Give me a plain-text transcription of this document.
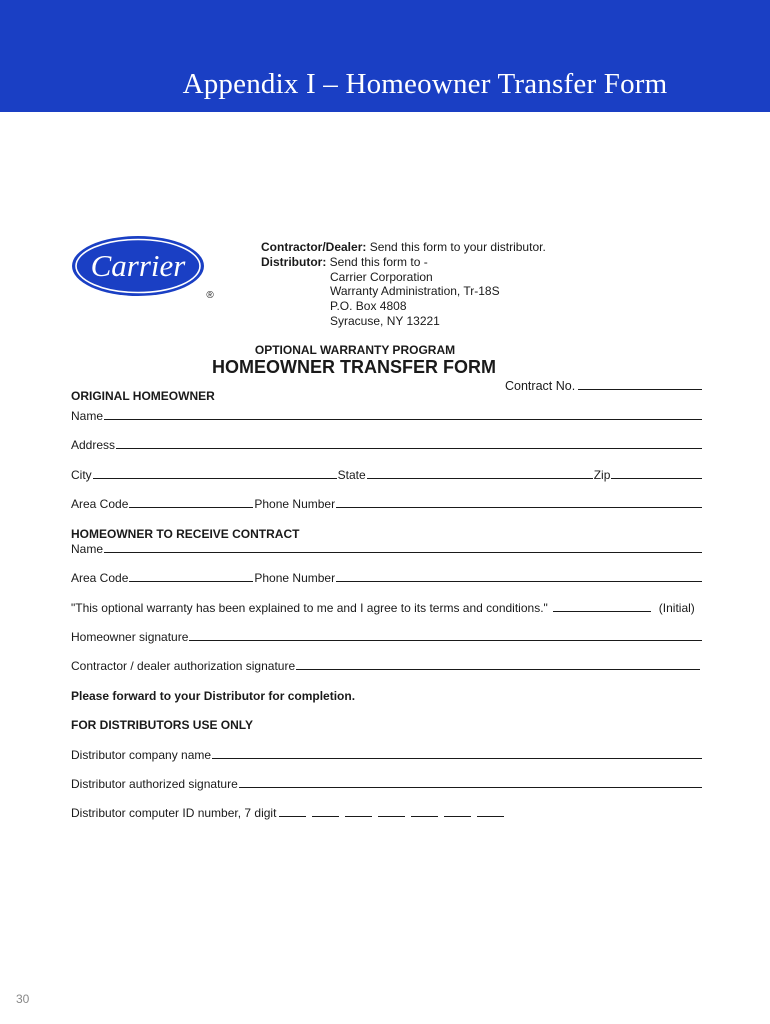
Appendix I – Homeowner Transfer Form
Carrier
®
Contractor/Dealer: Send this form to your distributor.
Distributor: Send this form to -
Carrier Corporation
Warranty Administration, Tr-18S
P.O. Box 4808
Syracuse, NY 13221
OPTIONAL WARRANTY PROGRAM
HOMEOWNER TRANSFER FORM
Contract No.
ORIGINAL HOMEOWNER
Name
Address
City	State	Zip
Area Code	Phone Number
HOMEOWNER TO RECEIVE CONTRACT
Name
Area Code	Phone Number
"This optional warranty has been explained to me and I agree to its terms and conditions."	(Initial)
Homeowner signature
Contractor / dealer authorization signature
Please forward to your Distributor for completion.
FOR DISTRIBUTORS USE ONLY
Distributor company name
Distributor authorized signature
Distributor computer ID number, 7 digit
30
